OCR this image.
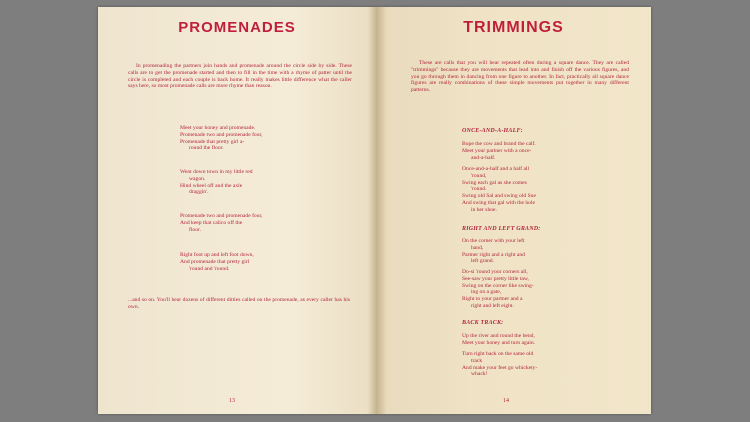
PROMENADES
In promenading the partners join hands and promenade around the circle side by side. These calls are to get the promenade started and then to fill in the time with a rhyme of patter until the circle is completed and each couple is back home. It really makes little difference what the caller says here, so most promenade calls are more rhyme than reason.

Meet your honey and promenade.

Promenade two and promenade four,

Promenade that pretty girl a-

round the floor.

Went down town in my little red

wagon.

Hind wheel off and the axle

draggin'.

Promenade two and promenade four,

And keep that calico off the

floor.

Right foot up and left foot down,

And promenade that pretty girl

'round and 'round.

...and so on. You'll hear dozens of different ditties called on the promenade, as every caller has his own.
13
TRIMMINGS
These are calls that you will hear repeated often during a square dance. They are called "trimmings" because they are movements that lead into and finish off the various figures, and you go through them in dancing from one figure to another. In fact, practically all square dance figures are really combinations of these simple movements put together in many different patterns.
ONCE-AND-A-HALF:

Bope the cow and brand the calf.

Meet your partner with a once-

and-a-half.

Once-and-a-half and a half all

'round,

Swing each gal as she comes

'round.

Swing old Sal and swing old Sue

And swing that gal with the hole

in her shoe.

RIGHT AND LEFT GRAND:

On the corner with your left

hand,

Partner right and a right and

left grand.

Do-si 'round your corners all,

See-saw your pretty little taw,

Swing on the corner like swing-

ing on a gate,

Right to your partner and a

right and left eight.

BACK TRACK:

Up the river and round the bend,

Meet your honey and turn again.

Turn right back on the same old

track

And make your feet go whickety-

whack!

14
